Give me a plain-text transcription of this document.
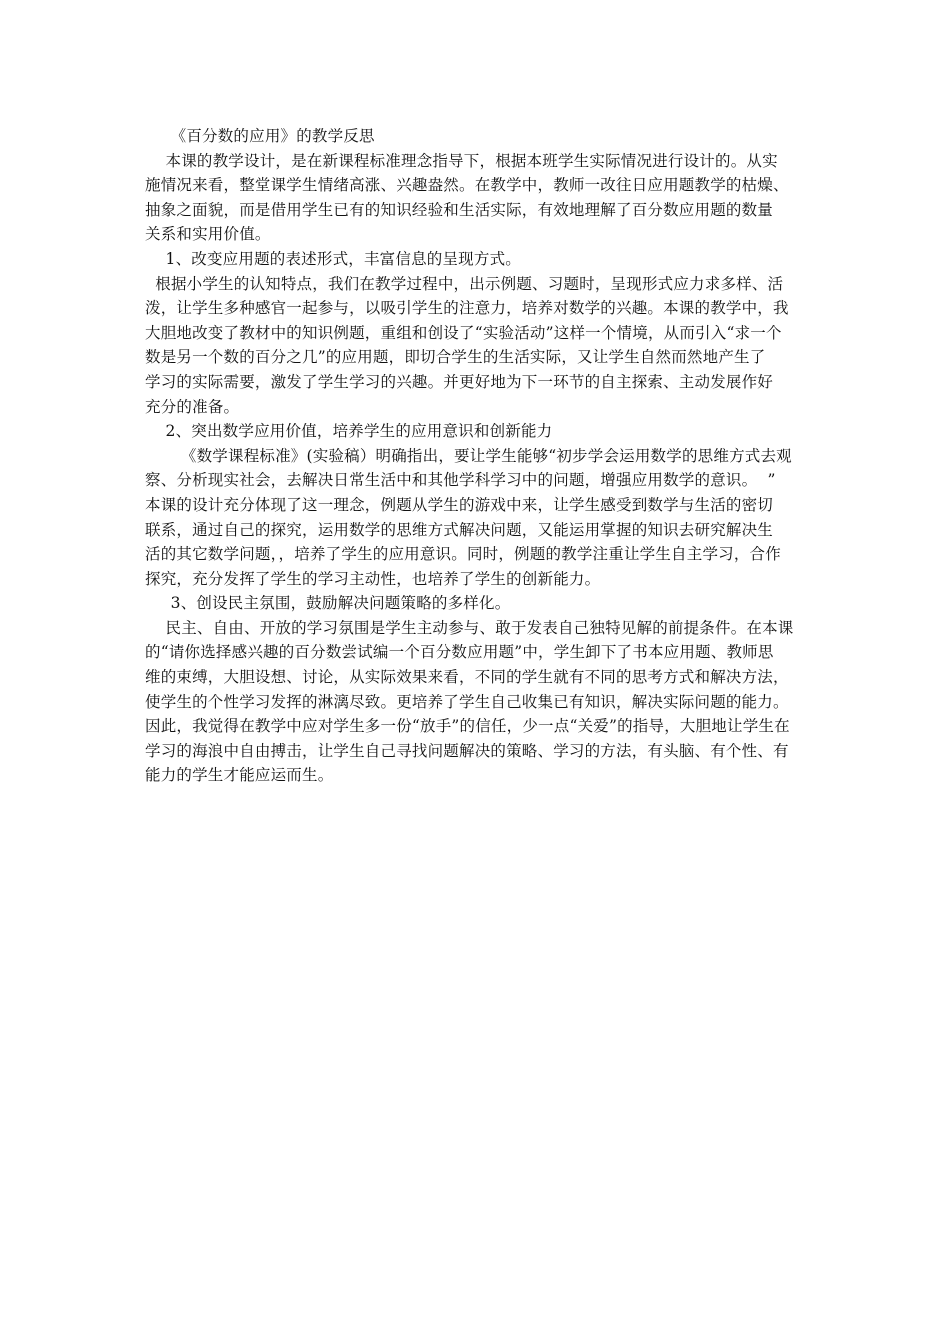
《百分数的应用》的教学反思
本课的教学设计，是在新课程标准理念指导下，根据本班学生实际情况进行设计的。从实
施情况来看，整堂课学生情绪高涨、兴趣盎然。在教学中，教师一改往日应用题教学的枯燥、
抽象之面貌，而是借用学生已有的知识经验和生活实际，有效地理解了百分数应用题的数量
关系和实用价值。
1、改变应用题的表述形式，丰富信息的呈现方式。
根据小学生的认知特点，我们在教学过程中，出示例题、习题时，呈现形式应力求多样、活
泼，让学生多种感官一起参与，以吸引学生的注意力，培养对数学的兴趣。本课的教学中，我
大胆地改变了教材中的知识例题，重组和创设了“实验活动”这样一个情境，从而引入“求一个
数是另一个数的百分之几”的应用题，即切合学生的生活实际，又让学生自然而然地产生了
学习的实际需要，激发了学生学习的兴趣。并更好地为下一环节的自主探索、主动发展作好
充分的准备。
2、突出数学应用价值，培养学生的应用意识和创新能力
《数学课程标准》(实验稿）明确指出，要让学生能够“初步学会运用数学的思维方式去观
察、分析现实社会，去解决日常生活中和其他学科学习中的问题，增强应用数学的意识。  ”
本课的设计充分体现了这一理念，例题从学生的游戏中来，让学生感受到数学与生活的密切
联系，通过自己的探究，运用数学的思维方式解决问题，又能运用掌握的知识去研究解决生
活的其它数学问题，，培养了学生的应用意识。同时，例题的教学注重让学生自主学习，合作
探究，充分发挥了学生的学习主动性，也培养了学生的创新能力。
3、创设民主氛围，鼓励解决问题策略的多样化。
民主、自由、开放的学习氛围是学生主动参与、敢于发表自己独特见解的前提条件。在本课
的“请你选择感兴趣的百分数尝试编一个百分数应用题”中，学生卸下了书本应用题、教师思
维的束缚，大胆设想、讨论，从实际效果来看，不同的学生就有不同的思考方式和解决方法，
使学生的个性学习发挥的淋漓尽致。更培养了学生自己收集已有知识，解决实际问题的能力。
因此，我觉得在教学中应对学生多一份“放手”的信任，少一点“关爱”的指导，大胆地让学生在
学习的海浪中自由搏击，让学生自己寻找问题解决的策略、学习的方法，有头脑、有个性、有
能力的学生才能应运而生。
